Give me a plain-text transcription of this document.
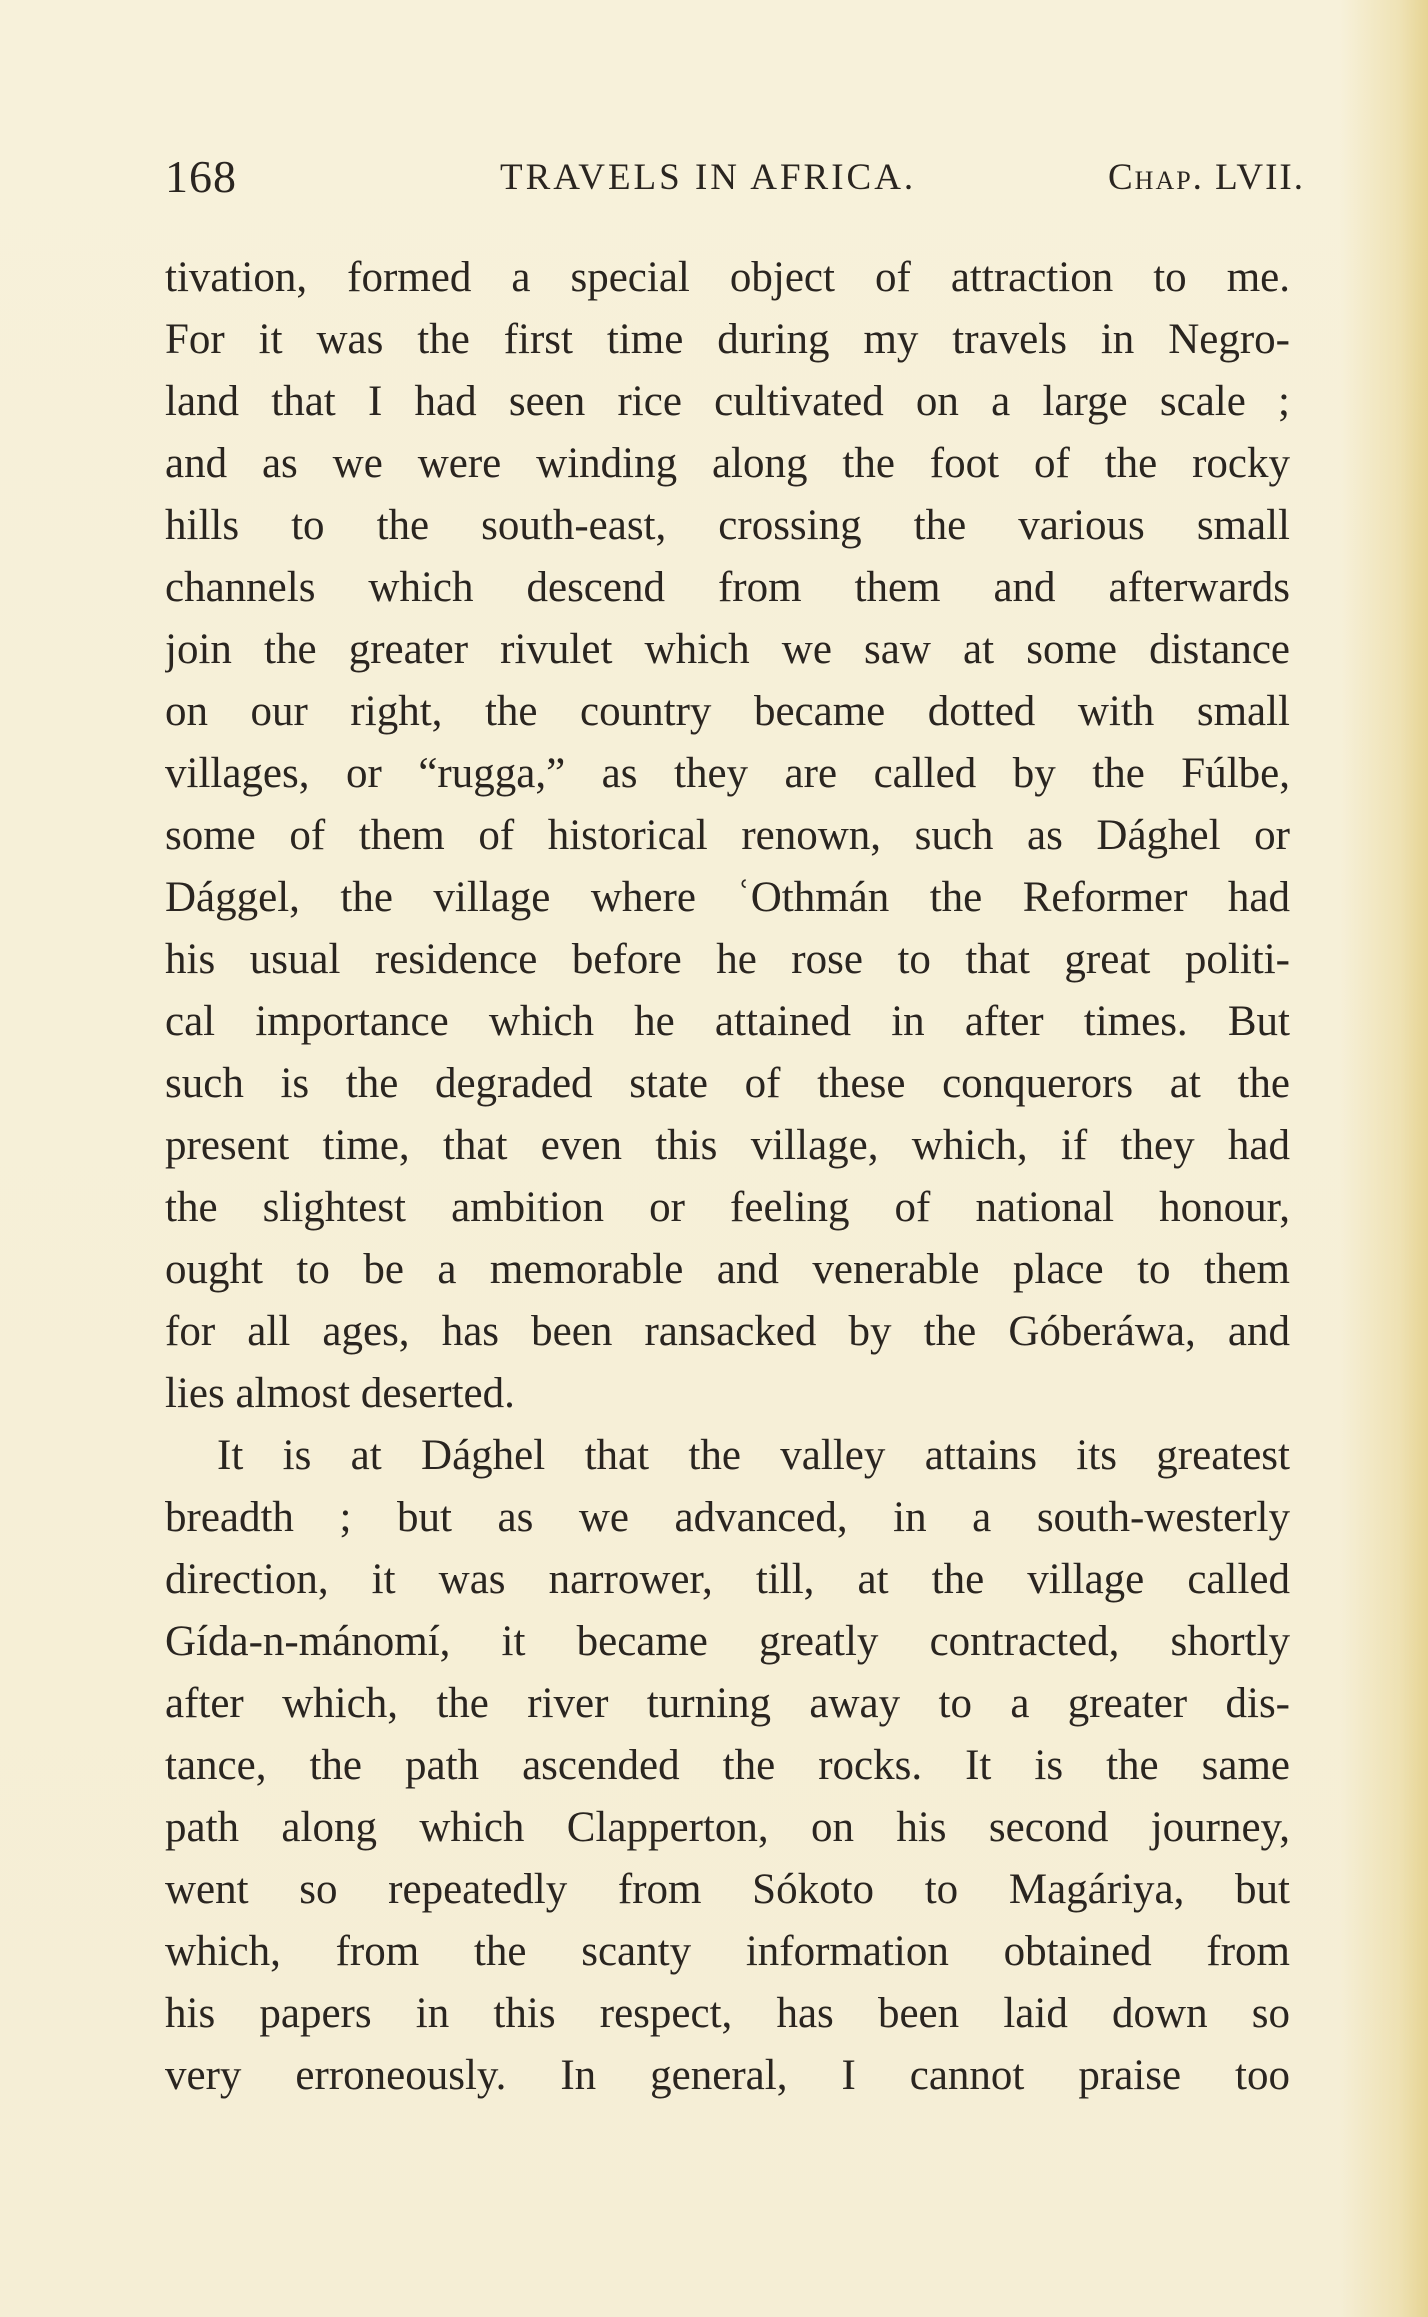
168	TRAVELS IN AFRICA.	Chap. LVII.
tivation, formed a special object of attraction to me.
For it was the first time during my travels in Negro-
land that I had seen rice cultivated on a large scale ;
and as we were winding along the foot of the rocky
hills to the south-east, crossing the various small
channels which descend from them and afterwards
join the greater rivulet which we saw at some distance
on our right, the country became dotted with small
villages, or “rugga,” as they are called by the Fúlbe,
some of them of historical renown, such as Dághel or
Dággel, the village where ʿOthmán the Reformer had
his usual residence before he rose to that great politi-
cal importance which he attained in after times. But
such is the degraded state of these conquerors at the
present time, that even this village, which, if they had
the slightest ambition or feeling of national honour,
ought to be a memorable and venerable place to them
for all ages, has been ransacked by the Góberáwa, and
lies almost deserted.
It is at Dághel that the valley attains its greatest
breadth ; but as we advanced, in a south-westerly
direction, it was narrower, till, at the village called
Gída-n-mánomí, it became greatly contracted, shortly
after which, the river turning away to a greater dis-
tance, the path ascended the rocks. It is the same
path along which Clapperton, on his second journey,
went so repeatedly from Sókoto to Magáriya, but
which, from the scanty information obtained from
his papers in this respect, has been laid down so
very erroneously. In general, I cannot praise too
